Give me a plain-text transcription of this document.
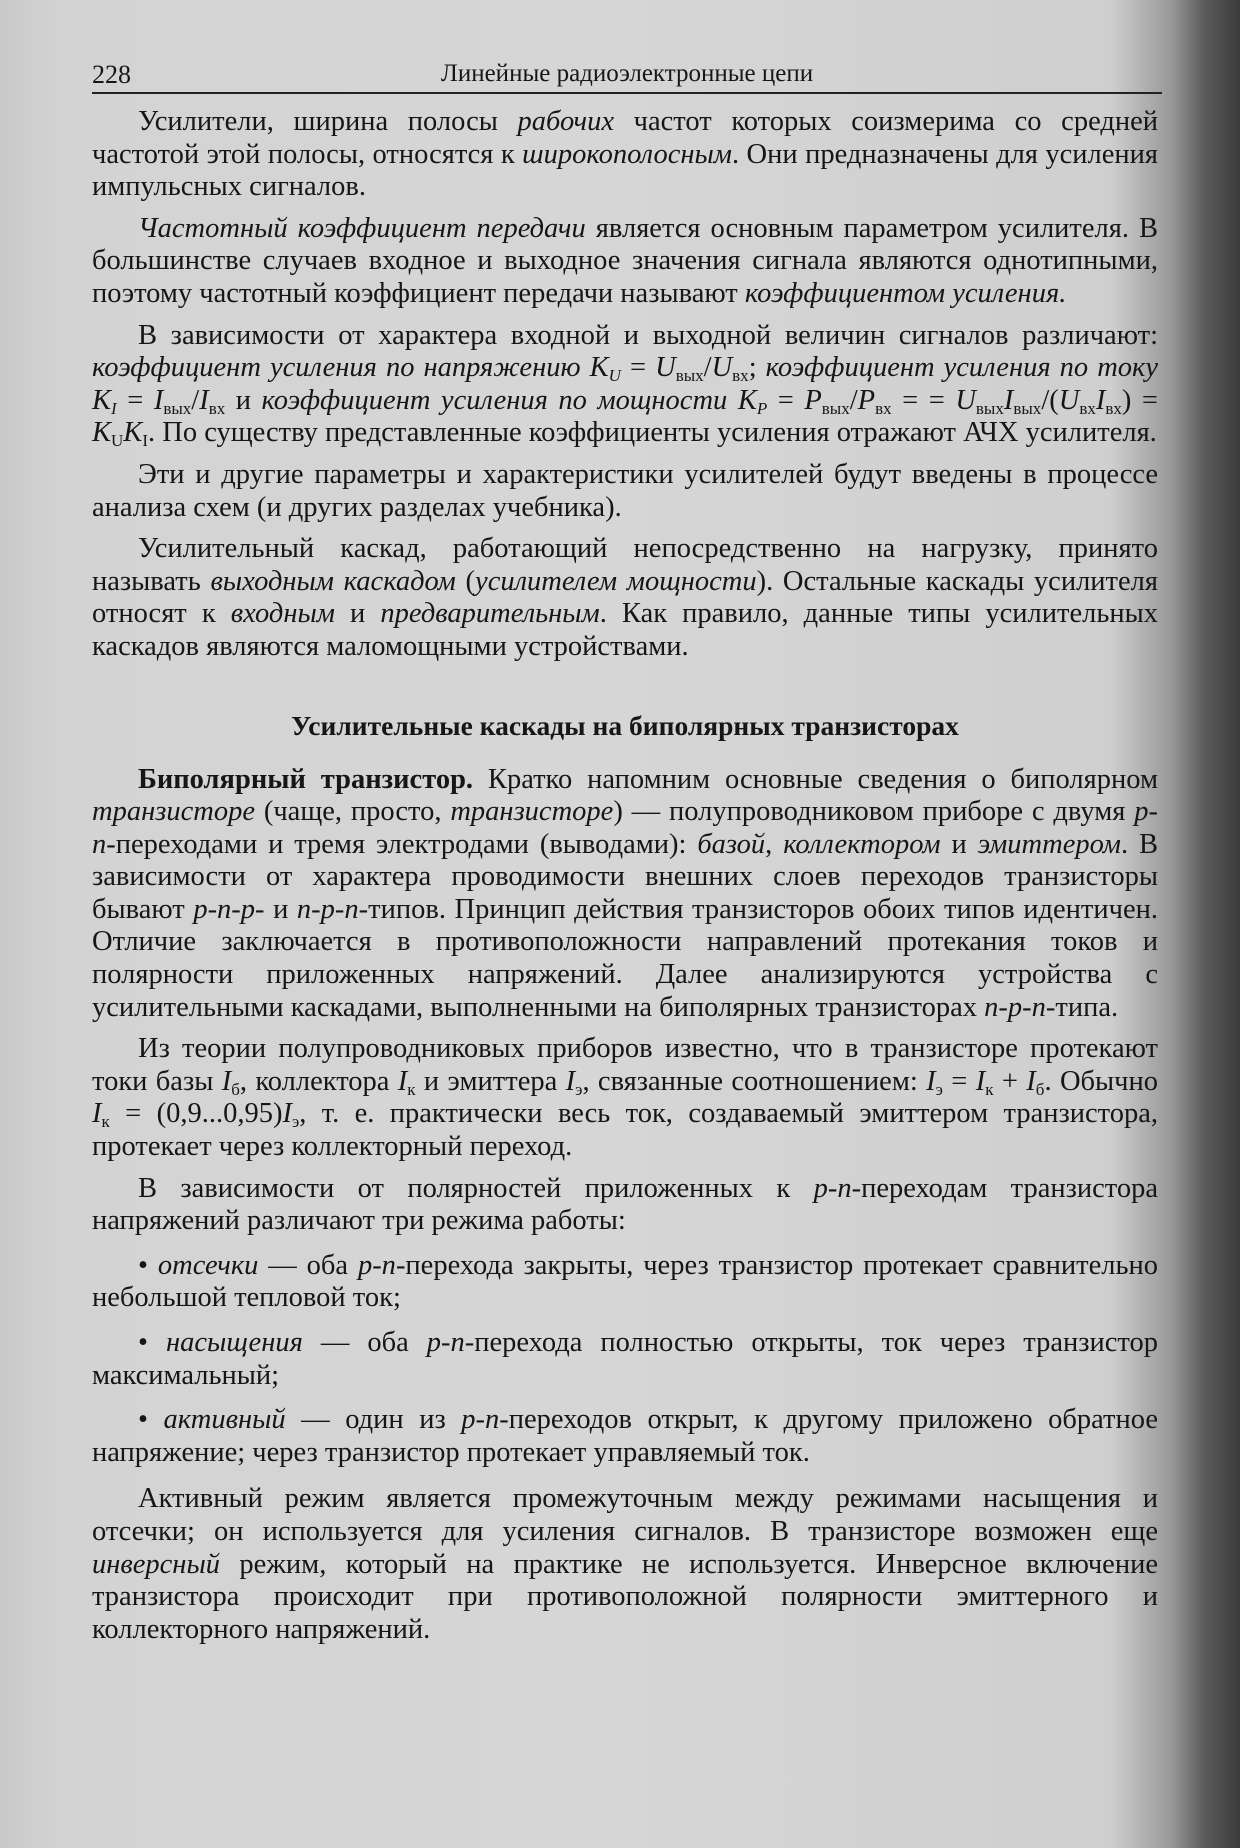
228	Линейные радиоэлектронные цепи

Усилители, ширина полосы рабочих частот которых соизмерима со средней частотой этой полосы, относятся к широкополосным. Они предназначены для усиления импульсных сигналов.

Частотный коэффициент передачи является основным параметром усилителя. В большинстве случаев входное и выходное значения сигнала являются однотипными, поэтому частотный коэффициент передачи называют коэффициентом усиления.

В зависимости от характера входной и выходной величин сигналов различают: коэффициент усиления по напряжению $K_U = U_{вых}/U_{вх}$; коэффициент усиления по току $K_I = I_{вых}/I_{вх}$ и коэффициент усиления по мощности $K_P = P_{вых}/P_{вх}$ = = $U_{вых}I_{вых}/(U_{вх}I_{вх}) = K_UK_I$. По существу представленные коэффициенты усиления отражают АЧХ усилителя.

Эти и другие параметры и характеристики усилителей будут введены в процессе анализа схем (и других разделах учебника).

Усилительный каскад, работающий непосредственно на нагрузку, принято называть выходным каскадом (усилителем мощности). Остальные каскады усилителя относят к входным и предварительным. Как правило, данные типы усилительных каскадов являются маломощными устройствами.

Усилительные каскады на биполярных транзисторах

Биполярный транзистор. Кратко напомним основные сведения о биполярном транзисторе (чаще, просто, транзисторе) — полупроводниковом приборе с двумя p-n-переходами и тремя электродами (выводами): базой, коллектором и эмиттером. В зависимости от характера проводимости внешних слоев переходов транзисторы бывают p-n-p- и n-p-n-типов. Принцип действия транзисторов обоих типов идентичен. Отличие заключается в противоположности направлений протекания токов и полярности приложенных напряжений. Далее анализируются устройства с усилительными каскадами, выполненными на биполярных транзисторах n-p-n-типа.

Из теории полупроводниковых приборов известно, что в транзисторе протекают токи базы $I_б$, коллектора $I_к$ и эмиттера $I_э$, связанные соотношением: $I_э = I_к + I_б$. Обычно $I_к = (0,9...0,95)I_э$, т. е. практически весь ток, создаваемый эмиттером транзистора, протекает через коллекторный переход.

В зависимости от полярностей приложенных к p-n-переходам транзистора напряжений различают три режима работы:

• отсечки — оба p-n-перехода закрыты, через транзистор протекает сравнительно небольшой тепловой ток;

• насыщения — оба p-n-перехода полностью открыты, ток через транзистор максимальный;

• активный — один из p-n-переходов открыт, к другому приложено обратное напряжение; через транзистор протекает управляемый ток.

Активный режим является промежуточным между режимами насыщения и отсечки; он используется для усиления сигналов. В транзисторе возможен еще инверсный режим, который на практике не используется. Инверсное включение транзистора происходит при противоположной полярности эмиттерного и коллекторного напряжений.
